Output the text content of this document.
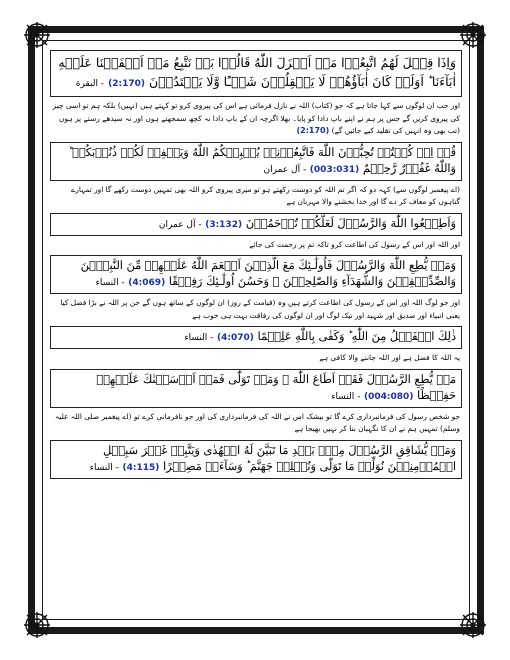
وَاِذَا قِیۡلَ لَهُمُ اتَّبِعُوۡا مَاۤ اَنۡزَلَ اللّٰهُ قَالُوۡا بَلۡ نَتَّبِعُ مَاۤ اَلۡفَیۡنَا عَلَیۡهِ اٰبَآءَنَا ؕ اَوَلَوۡ كَانَ اٰبَآؤُهُمۡ لَا یَعۡقِلُوۡنَ شَیۡـًٔا وَّلَا یَهۡتَدُوۡنَ (2:170) - البقرة
اور جب ان لوگوں سے کہا جاتا ہے کہ جو (کتاب) اللہ نے نازل فرمائی ہے اس کی پیروی کرو تو کہتے ہیں (نہیں) بلکہ ہم تو اسی چیز کی پیروی کریں گے جس پر ہم نے اپنے باپ دادا کو پایا۔ بھلا اگرچہ ان کے باپ دادا نہ کچھ سمجھتے ہوں اور نہ سیدھے رستے پر ہوں (تب بھی وہ انہیں کی تقلید کیے جائیں گے) (2:170)
قُلۡ اِنۡ كُنۡتُمۡ تُحِبُّوۡنَ اللّٰهَ فَاتَّبِعُوۡنِیۡ یُحۡبِبۡكُمُ اللّٰهُ وَیَغۡفِرۡ لَكُمۡ ذُنُوۡبَكُمۡ ؕ وَاللّٰهُ غَفُوۡرٌ رَّحِیۡمٌ (003:031) - آل عمران
(اے پیغمبر لوگوں سے) کہہ دو کہ اگر تم اللہ کو دوست رکھتے ہو تو میری پیروی کرو اللہ بھی تمہیں دوست رکھے گا اور تمہارے گناہوں کو معاف کر دے گا اور خدا بخشنے والا مہربان ہے
وَاَطِیۡعُوا اللّٰهَ وَالرَّسُوۡلَ لَعَلَّكُمۡ تُرۡحَمُوۡنَ (3:132) - آل عمران
اور اللہ اور اس کے رسول کی اطاعت کرو تاکہ تم پر رحمت کی جائے
وَمَنۡ یُّطِعِ اللّٰهَ وَالرَّسُوۡلَ فَاُولٰٓـئِكَ مَعَ الَّذِیۡنَ اَنۡعَمَ اللّٰهُ عَلَیۡهِمۡ مِّنَ النَّبِیّٖنَ وَالصِّدِّیۡقِیۡنَ وَالشُّهَدَآءِ وَالصّٰلِحِیۡنَ ۚ وَحَسُنَ اُولٰٓـئِكَ رَفِیۡقًا (4:069) - النساء
اور جو لوگ اللہ اور اس کے رسول کی اطاعت کرتے ہیں وہ (قیامت کے روز) ان لوگوں کے ساتھ ہوں گے جن پر اللہ نے بڑا فضل کیا یعنی انبیاء اور صدیق اور شہید اور نیک لوگ اور ان لوگوں کی رفاقت بہت ہی خوب ہے
ذٰلِكَ الۡفَضۡلُ مِنَ اللّٰهِ ؕ وَكَفٰى بِاللّٰهِ عَلِیۡمًا (4:070) - النساء
یہ اللہ کا فضل ہے اور اللہ جاننے والا کافی ہے
مَنۡ یُّطِعِ الرَّسُوۡلَ فَقَدۡ اَطَاعَ اللّٰهَ ۚ وَمَنۡ تَوَلّٰى فَمَاۤ اَرۡسَلۡنٰكَ عَلَیۡهِمۡ حَفِیۡظًا (004:080) - النساء
جو شخص رسول کی فرمانبرداری کرے گا تو بیشک اس نے اللہ کی فرمانبرداری کی اور جو نافرمانی کرے تو (اے پیغمبر صلی اللہ علیہ وسلم) تمہیں ہم نے ان کا نگہبان بنا کر نہیں بھیجا ہے
وَمَنۡ یُّشَاقِقِ الرَّسُوۡلَ مِنۡۢ بَعۡدِ مَا تَبَیَّنَ لَهُ الۡهُدٰى وَیَتَّبِعۡ غَیۡرَ سَبِیۡلِ الۡمُؤۡمِنِیۡنَ نُوَلِّهٖ مَا تَوَلّٰى وَنُصۡلِهٖ جَهَنَّمَ ؕ وَسَآءَتۡ مَصِیۡرًا (4:115) - النساء
